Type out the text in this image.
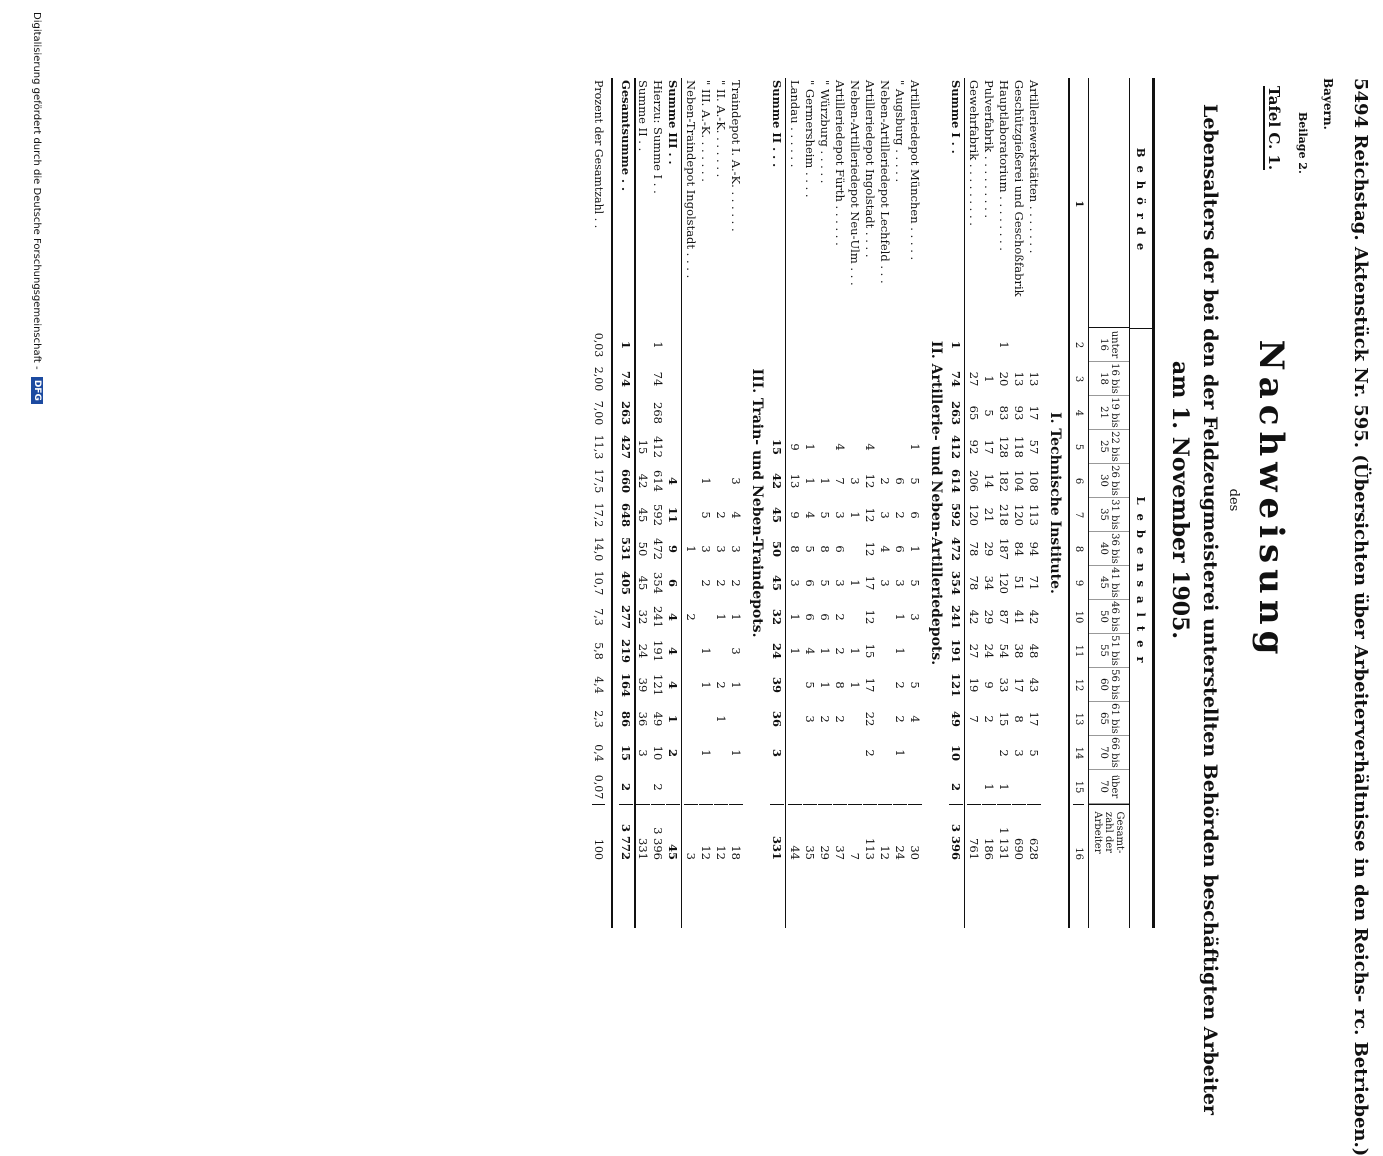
5494 Reichstag. Aktenstück Nr. 595. (Übersichten über Arbeiterverhältnisse in den Reichs- rc. Betrieben.)
Bayern.
Beilage 2.
Tafel C. 1.
Nachweisung
des
Lebensalters der bei den der Feldzeugmeisterei unterstellten Behörden beschäftigten Arbeiter
am 1. November 1905.
Behörde
Lebensalter
unter 16
16 bis 18
19 bis 21
22 bis 25
26 bis 30
31 bis 35
36 bis 40
41 bis 45
46 bis 50
51 bis 55
56 bis 60
61 bis 65
66 bis 70
über 70
Gesamt-zahl der Arbeiter
1
2
3
4
5
6
7
8
9
10
11
12
13
14
15
16
I. Technische Institute.
Artilleriewerkstätten . . . . . . .
13
17
57
108
113
94
71
42
48
43
17
5
628
Geschützgießerei und Geschoßfabrik
13
93
118
104
120
84
51
41
38
17
8
3
690
Hauptlaboratorium . . . . . . . .
1
20
83
128
182
218
187
120
87
54
33
15
2
1
1 131
Pulverfabrik . . . . . . . . .
1
5
17
14
21
29
34
29
24
9
2
1
186
Gewehrfabrik . . . . . . . . .
27
65
92
206
120
78
78
42
27
19
7
761
Summe I . .
1
74
263
412
614
592
472
354
241
191
121
49
10
2
3 396
II. Artillerie- und Neben-Artilleriedepots.
Artilleriedepot München . . . . .
1
5
6
1
5
3
5
4
30
" Augsburg . . . . .
6
2
6
3
1
1
2
2
1
24
Neben-Artilleriedepot Lechfeld . . .
2
3
4
3
12
Artilleriedepot Ingolstadt . . . .
4
12
12
12
17
12
15
17
22
2
113
Neben-Artilleriedepot Neu-Ulm . . .
3
1
1
1
1
7
Artilleriedepot Fürth . . . . . .
4
7
3
6
3
2
2
8
2
37
" Würzburg . . . . .
1
5
8
5
6
1
1
2
29
" Germersheim . . . .
1
1
4
5
6
6
4
5
3
35
Landau . . . . . .
9
13
9
8
3
1
1
44
Summe II . . .
15
42
45
50
45
32
24
39
36
3
331
III. Train- und Neben-Traindepots.
Traindepot I. A.-K. . . . . . .
3
4
3
2
1
3
1
1
18
" II. A.-K. . . . . . .
2
3
2
1
2
1
12
" III. A.-K. . . . . . .
1
5
3
2
1
1
1
12
Neben-Traindepot Ingolstadt . . . .
1
2
3
Summe III . .
4
11
9
6
4
4
4
1
2
45
Hierzu: Summe I . .
1
74
268
412
614
592
472
354
241
191
121
49
10
2
3 396
Summe II . .
15
42
45
50
45
32
24
39
36
3
331
Gesamtsumme . .
1
74
263
427
660
648
531
405
277
219
164
86
15
2
3 772
Prozent der Gesamtzahl . .
0,03
2,00
7,00
11,3
17,5
17,2
14,0
10,7
7,3
5,8
4,4
2,3
0,4
0,07
100
Digitalisierung gefördert durch die Deutsche Forschungsgemeinschaft - DFG
